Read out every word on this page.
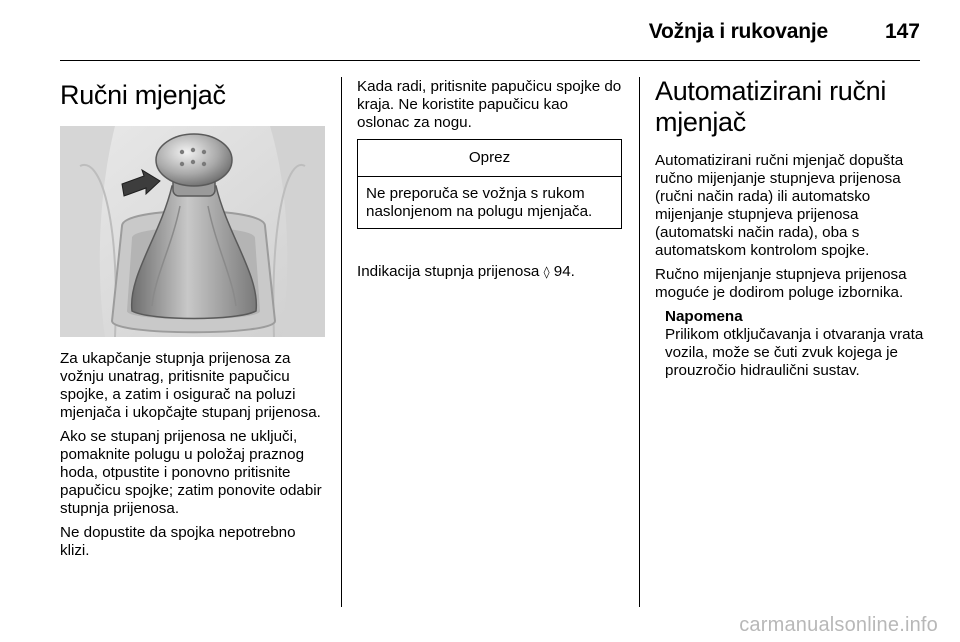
Vožnja i rukovanje	147
Ručni mjenjač

Za ukapčanje stupnja prijenosa za vožnju unatrag, pritisnite papučicu spojke, a zatim i osigurač na poluzi mjenjača i ukopčajte stupanj prijenosa.

Ako se stupanj prijenosa ne uključi, pomaknite polugu u položaj praznog hoda, otpustite i ponovno pritisnite papučicu spojke; zatim ponovite odabir stupnja prijenosa.

Ne dopustite da spojka nepotrebno klizi.

Kada radi, pritisnite papučicu spojke do kraja. Ne koristite papučicu kao oslonac za nogu.

Oprez

Ne preporuča se vožnja s rukom naslonjenom na polugu mjenjača.

Indikacija stupnja prijenosa ◊ 94.

Automatizirani ručni mjenjač

Automatizirani ručni mjenjač dopušta ručno mijenjanje stupnjeva prijenosa (ručni način rada) ili automatsko mijenjanje stupnjeva prijenosa (automatski način rada), oba s automatskom kontrolom spojke.

Ručno mijenjanje stupnjeva prijenosa moguće je dodirom poluge izbornika.

Napomena

Prilikom otključavanja i otvaranja vrata vozila, može se čuti zvuk kojega je prouzročio hidraulični sustav.

carmanualsonline.info
